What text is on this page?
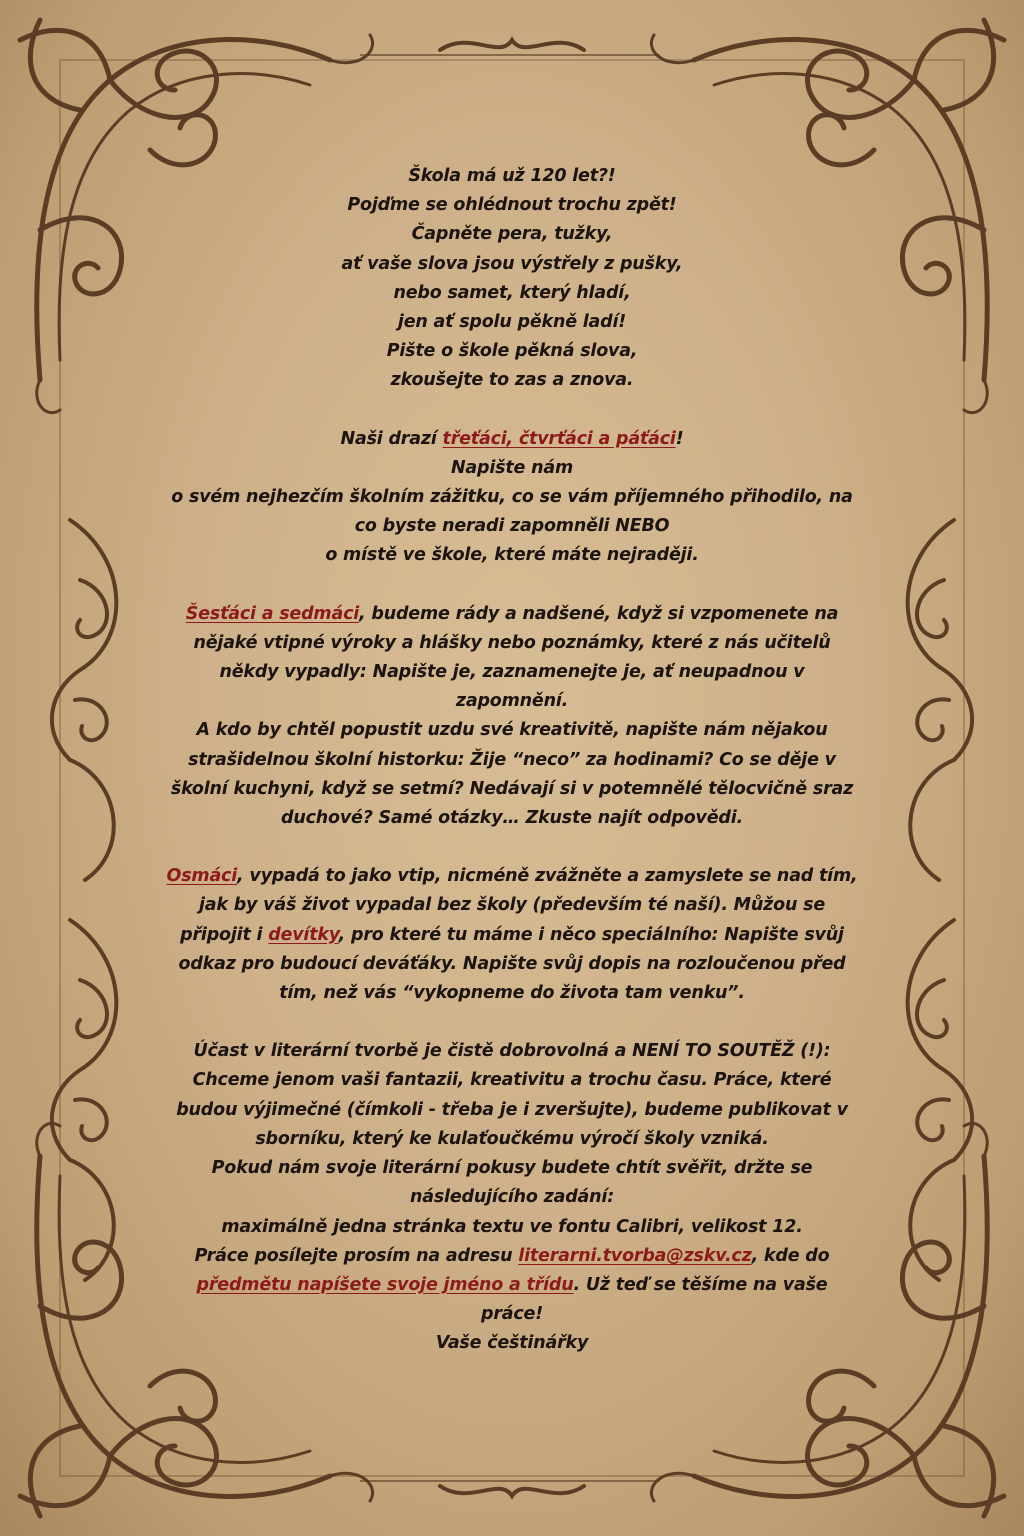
Škola má už 120 let?!

Pojďme se ohlédnout trochu zpět!

Čapněte pera, tužky,

ať vaše slova jsou výstřely z pušky,

nebo samet, který hladí,

jen ať spolu pěkně ladí!

Pište o škole pěkná slova,

zkoušejte to zas a znova.

Naši drazí třeťáci, čtvrťáci a páťáci!

Napište nám

o svém nejhezčím školním zážitku, co se vám příjemného přihodilo, na

co byste neradi zapomněli NEBO

o místě ve škole, které máte nejraději.

Šesťáci a sedmáci, budeme rády a nadšené, když si vzpomenete na

nějaké vtipné výroky a hlášky nebo poznámky, které z nás učitelů

někdy vypadly: Napište je, zaznamenejte je, ať neupadnou v

zapomnění.

A kdo by chtěl popustit uzdu své kreativitě, napište nám nějakou

strašidelnou školní historku: Žije “neco” za hodinami? Co se děje v

školní kuchyni, když se setmí? Nedávají si v potemnělé tělocvičně sraz

duchové? Samé otázky… Zkuste najít odpovědi.

Osmáci, vypadá to jako vtip, nicméně zvážněte a zamyslete se nad tím,

jak by váš život vypadal bez školy (především té naší). Můžou se

připojit i devítky, pro které tu máme i něco speciálního: Napište svůj

odkaz pro budoucí deváťáky. Napište svůj dopis na rozloučenou před

tím, než vás “vykopneme do života tam venku”.

Účast v literární tvorbě je čistě dobrovolná a NENÍ TO SOUTĚŽ (!):

Chceme jenom vaši fantazii, kreativitu a trochu času. Práce, které

budou výjimečné (čímkoli - třeba je i zveršujte), budeme publikovat v

sborníku, který ke kulaťoučkému výročí školy vzniká.

Pokud nám svoje literární pokusy budete chtít svěřit, držte se

následujícího zadání:

maximálně jedna stránka textu ve fontu Calibri, velikost 12.

Práce posílejte prosím na adresu literarni.tvorba@zskv.cz, kde do

předmětu napíšete svoje jméno a třídu. Už teď se těšíme na vaše

práce!

Vaše češtinářky
